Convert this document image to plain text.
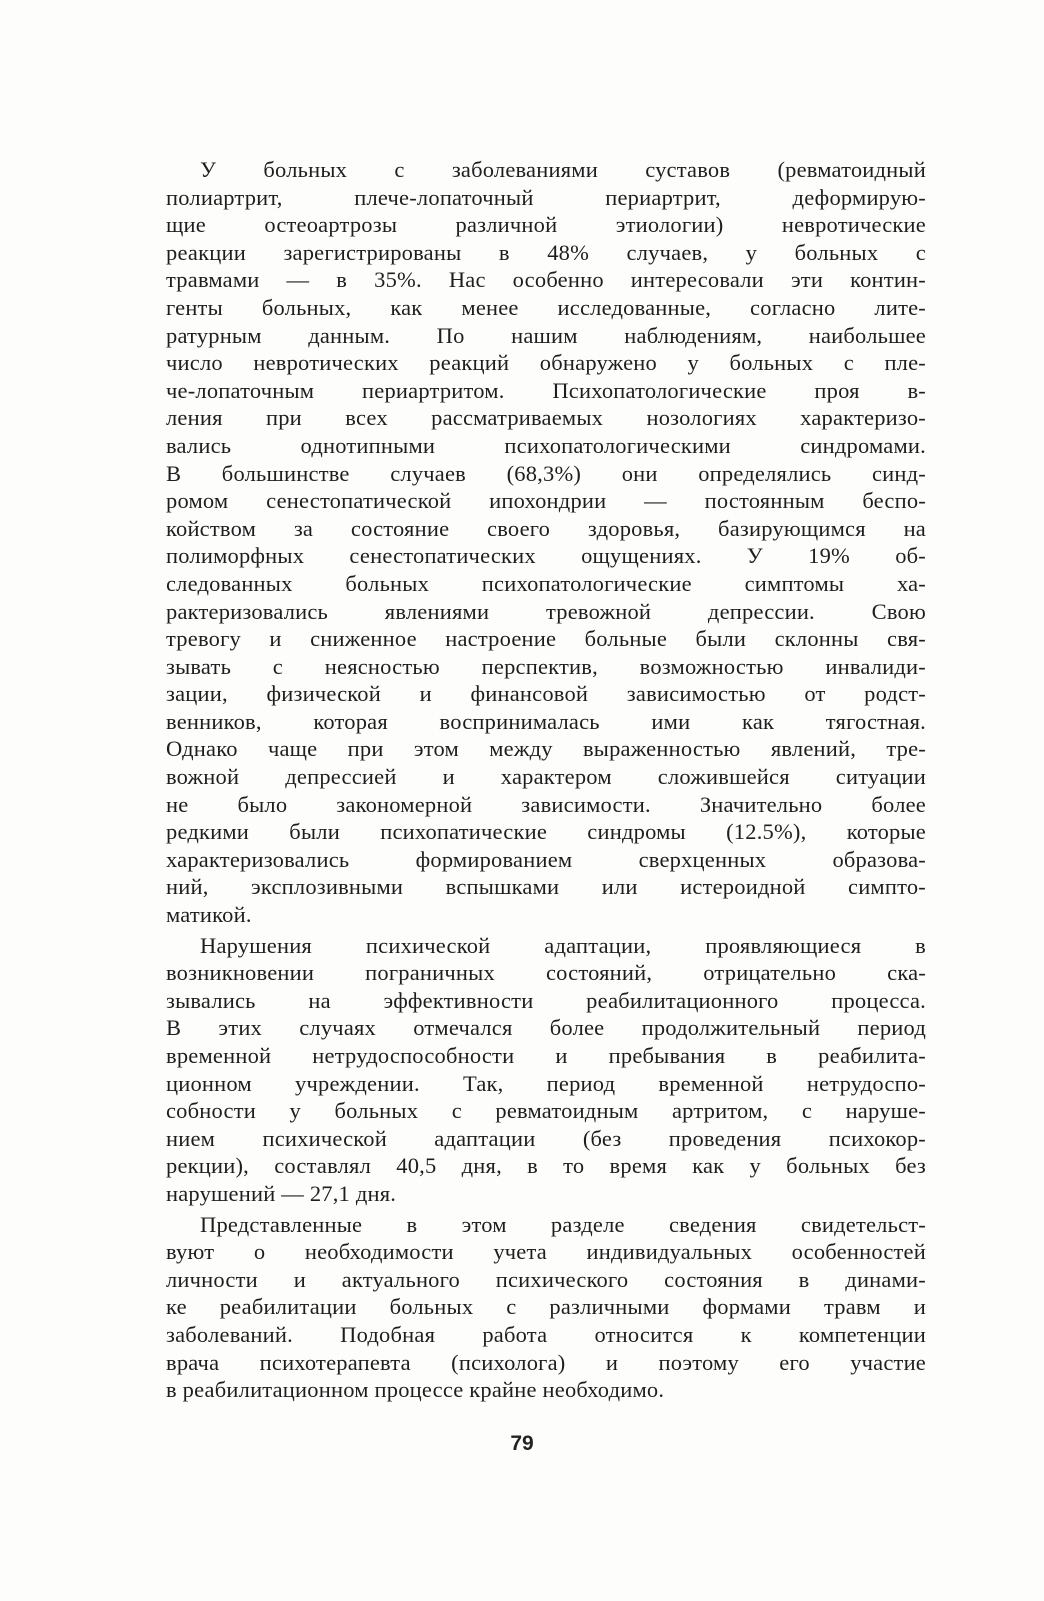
У больных с заболеваниями суставов (ревматоидный
полиартрит, плече-лопаточный периартрит, деформирую-
щие остеоартрозы различной этиологии) невротические
реакции зарегистрированы в 48% случаев, у больных с
травмами — в 35%. Нас особенно интересовали эти контин-
генты больных, как менее исследованные, согласно лите-
ратурным данным. По нашим наблюдениям, наибольшее
число невротических реакций обнаружено у больных с пле-
че-лопаточным периартритом. Психопатологические проя в-
ления при всех рассматриваемых нозологиях характеризо-
вались однотипными психопатологическими синдромами.
В большинстве случаев (68,3%) они определялись синд-
ромом сенестопатической ипохондрии — постоянным беспо-
койством за состояние своего здоровья, базирующимся на
полиморфных сенестопатических ощущениях. У 19% об-
следованных больных психопатологические симптомы ха-
рактеризовались явлениями тревожной депрессии. Свою
тревогу и сниженное настроение больные были склонны свя-
зывать с неясностью перспектив, возможностью инвалиди-
зации, физической и финансовой зависимостью от родст-
венников, которая воспринималась ими как тягостная.
Однако чаще при этом между выраженностью явлений, тре-
вожной депрессией и характером сложившейся ситуации
не было закономерной зависимости. Значительно более
редкими были психопатические синдромы (12.5%), которые
характеризовались формированием сверхценных образова-
ний, эксплозивными вспышками или истероидной симпто-
матикой.
Нарушения психической адаптации, проявляющиеся в
возникновении пограничных состояний, отрицательно ска-
зывались на эффективности реабилитационного процесса.
В этих случаях отмечался более продолжительный период
временной нетрудоспособности и пребывания в реабилита-
ционном учреждении. Так, период временной нетрудоспо-
собности у больных с ревматоидным артритом, с наруше-
нием психической адаптации (без проведения психокор-
рекции), составлял 40,5 дня, в то время как у больных без
нарушений — 27,1 дня.
Представленные в этом разделе сведения свидетельст-
вуют о необходимости учета индивидуальных особенностей
личности и актуального психического состояния в динами-
ке реабилитации больных с различными формами травм и
заболеваний. Подобная работа относится к компетенции
врача психотерапевта (психолога) и поэтому его участие
в реабилитационном процессе крайне необходимо.
79
